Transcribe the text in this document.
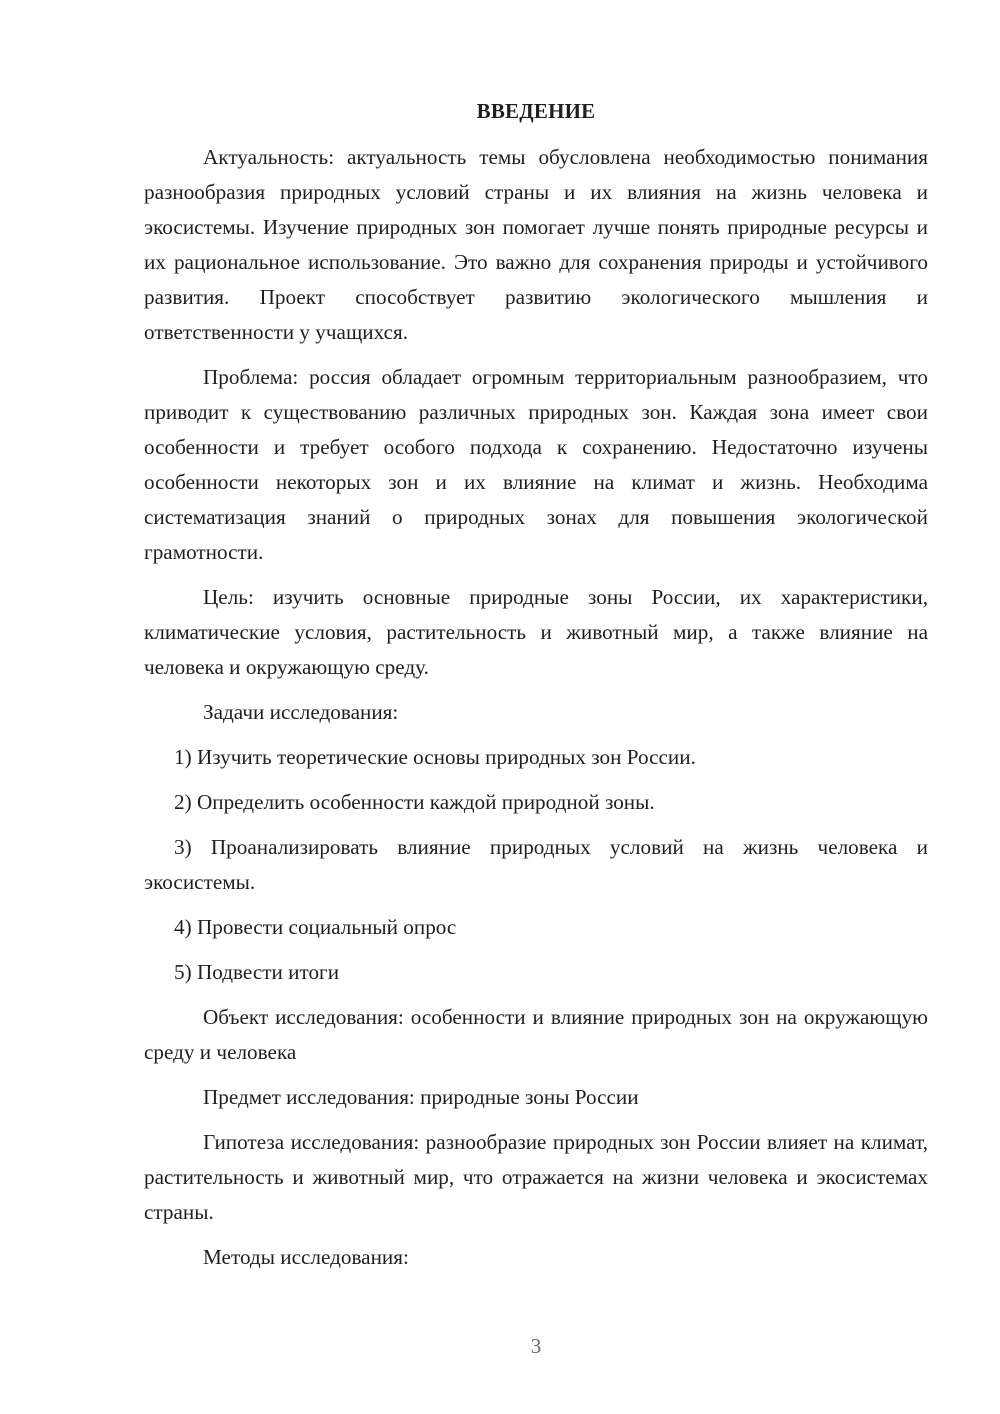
ВВЕДЕНИЕ

Актуальность: актуальность темы обусловлена необходимостью понимания разнообразия природных условий страны и их влияния на жизнь человека и экосистемы. Изучение природных зон помогает лучше понять природные ресурсы и их рациональное использование. Это важно для сохранения природы и устойчивого развития. Проект способствует развитию экологического мышления и ответственности у учащихся.

Проблема: россия обладает огромным территориальным разнообразием, что приводит к существованию различных природных зон. Каждая зона имеет свои особенности и требует особого подхода к сохранению. Недостаточно изучены особенности некоторых зон и их влияние на климат и жизнь. Необходима систематизация знаний о природных зонах для повышения экологической грамотности.

Цель: изучить основные природные зоны России, их характеристики, климатические условия, растительность и животный мир, а также влияние на человека и окружающую среду.

Задачи исследования:

1) Изучить теоретические основы природных зон России.

2) Определить особенности каждой природной зоны.

3) Проанализировать влияние природных условий на жизнь человека и экосистемы.

4) Провести социальный опрос

5) Подвести итоги

Объект исследования: особенности и влияние природных зон на окружающую среду и человека

Предмет исследования: природные зоны России

Гипотеза исследования: разнообразие природных зон России влияет на климат, растительность и животный мир, что отражается на жизни человека и экосистемах страны.

Методы исследования:

3
